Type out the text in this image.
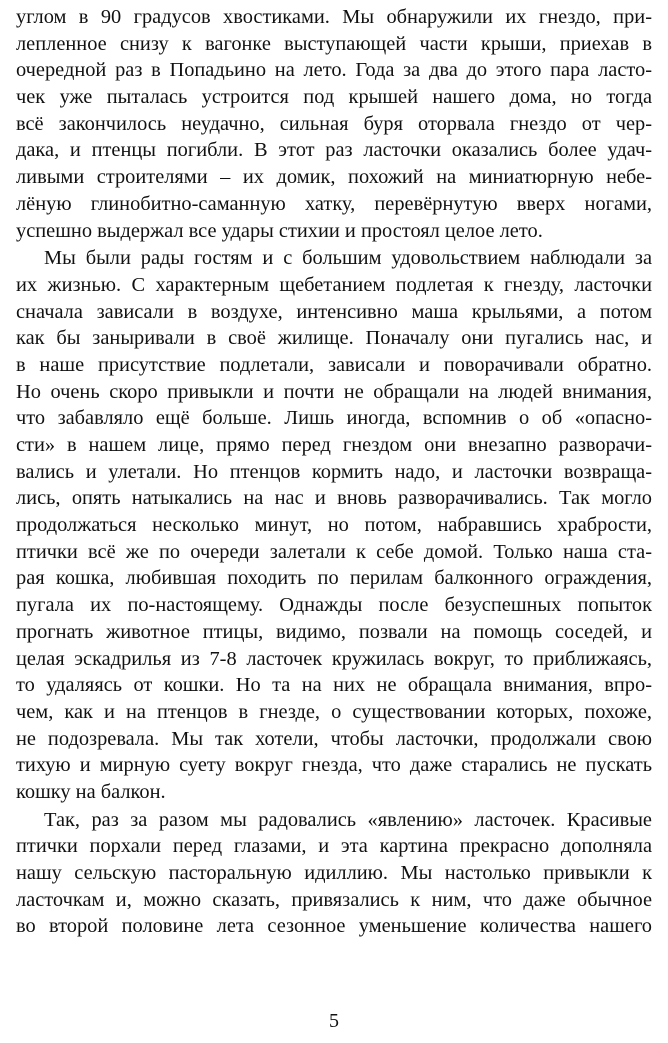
углом в 90 градусов хвостиками. Мы обнаружили их гнездо, при-
лепленное снизу к вагонке выступающей части крыши, приехав в
очередной раз в Попадьино на лето. Года за два до этого пара ласто-
чек уже пыталась устроится под крышей нашего дома, но тогда
всё закончилось неудачно, сильная буря оторвала гнездо от чер-
дака, и птенцы погибли. В этот раз ласточки оказались более удач-
ливыми строителями – их домик, похожий на миниатюрную небе-
лёную глинобитно-саманную хатку, перевёрнутую вверх ногами,
успешно выдержал все удары стихии и простоял целое лето.
Мы были рады гостям и с большим удовольствием наблюдали за
их жизнью. С характерным щебетанием подлетая к гнезду, ласточки
сначала зависали в воздухе, интенсивно маша крыльями, а потом
как бы заныривали в своё жилище. Поначалу они пугались нас, и
в наше присутствие подлетали, зависали и поворачивали обратно.
Но очень скоро привыкли и почти не обращали на людей внимания,
что забавляло ещё больше. Лишь иногда, вспомнив о об «опасно-
сти» в нашем лице, прямо перед гнездом они внезапно разворачи-
вались и улетали. Но птенцов кормить надо, и ласточки возвраща-
лись, опять натыкались на нас и вновь разворачивались. Так могло
продолжаться несколько минут, но потом, набравшись храбрости,
птички всё же по очереди залетали к себе домой. Только наша ста-
рая кошка, любившая походить по перилам балконного ограждения,
пугала их по-настоящему. Однажды после безуспешных попыток
прогнать животное птицы, видимо, позвали на помощь соседей, и
целая эскадрилья из 7-8 ласточек кружилась вокруг, то приближаясь,
то удаляясь от кошки. Но та на них не обращала внимания, впро-
чем, как и на птенцов в гнезде, о существовании которых, похоже,
не подозревала. Мы так хотели, чтобы ласточки, продолжали свою
тихую и мирную суету вокруг гнезда, что даже старались не пускать
кошку на балкон.
Так, раз за разом мы радовались «явлению» ласточек. Красивые
птички порхали перед глазами, и эта картина прекрасно дополняла
нашу сельскую пасторальную идиллию. Мы настолько привыкли к
ласточкам и, можно сказать, привязались к ним, что даже обычное
во второй половине лета сезонное уменьшение количества нашего
5
